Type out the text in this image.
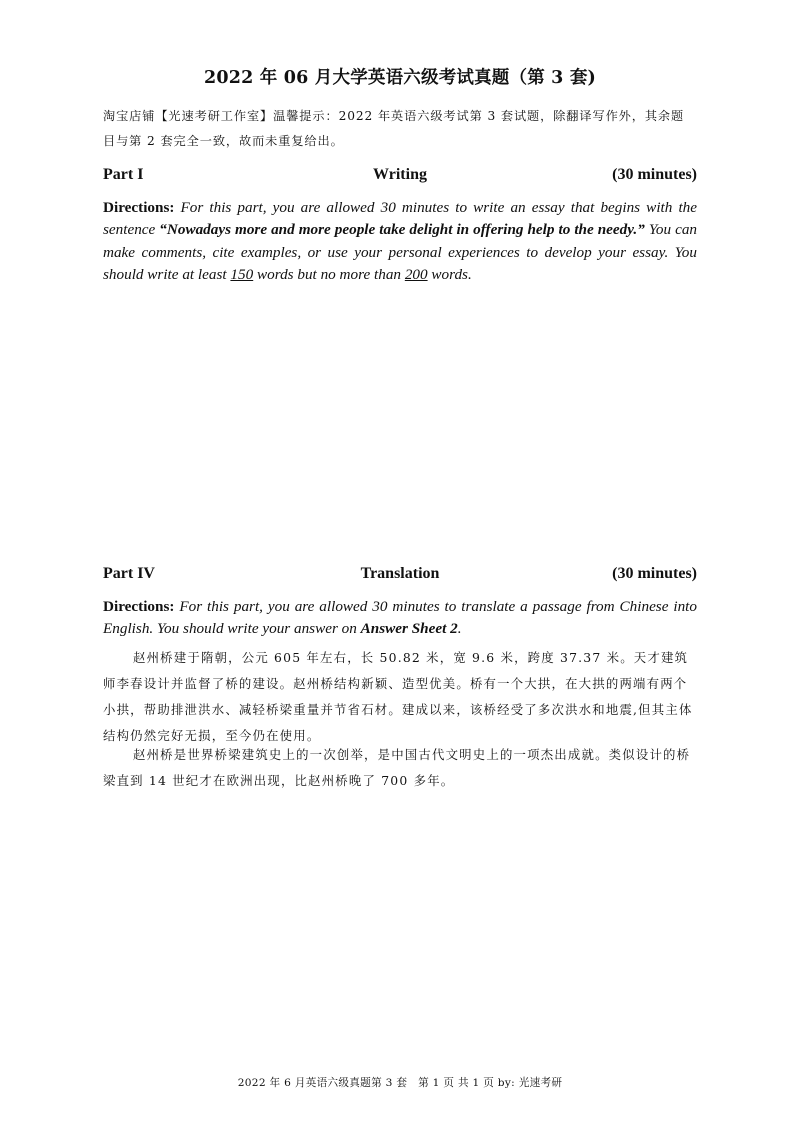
2022 年 06 月大学英语六级考试真题（第 3 套)
淘宝店铺【光速考研工作室】温馨提示：2022 年英语六级考试第 3 套试题，除翻译写作外，其余题目与第 2 套完全一致，故而未重复给出。
Part I	Writing	(30 minutes)
Directions: For this part, you are allowed 30 minutes to write an essay that begins with the sentence “Nowadays more and more people take delight in offering help to the needy.” You can make comments, cite examples, or use your personal experiences to develop your essay. You should write at least 150 words but no more than 200 words.
Part IV	Translation	(30 minutes)
Directions: For this part, you are allowed 30 minutes to translate a passage from Chinese into English. You should write your answer on Answer Sheet 2.
赵州桥建于隋朝，公元 605 年左右，长 50.82 米，宽 9.6 米，跨度 37.37 米。天才建筑师李春设计并监督了桥的建设。赵州桥结构新颖、造型优美。桥有一个大拱，在大拱的两端有两个小拱，帮助排泄洪水、减轻桥梁重量并节省石材。建成以来，该桥经受了多次洪水和地震,但其主体结构仍然完好无损，至今仍在使用。
赵州桥是世界桥梁建筑史上的一次创举，是中国古代文明史上的一项杰出成就。类似设计的桥梁直到 14 世纪才在欧洲出现，比赵州桥晚了 700 多年。
2022 年 6 月英语六级真题第 3 套　第 1 页 共 1 页 by: 光速考研
